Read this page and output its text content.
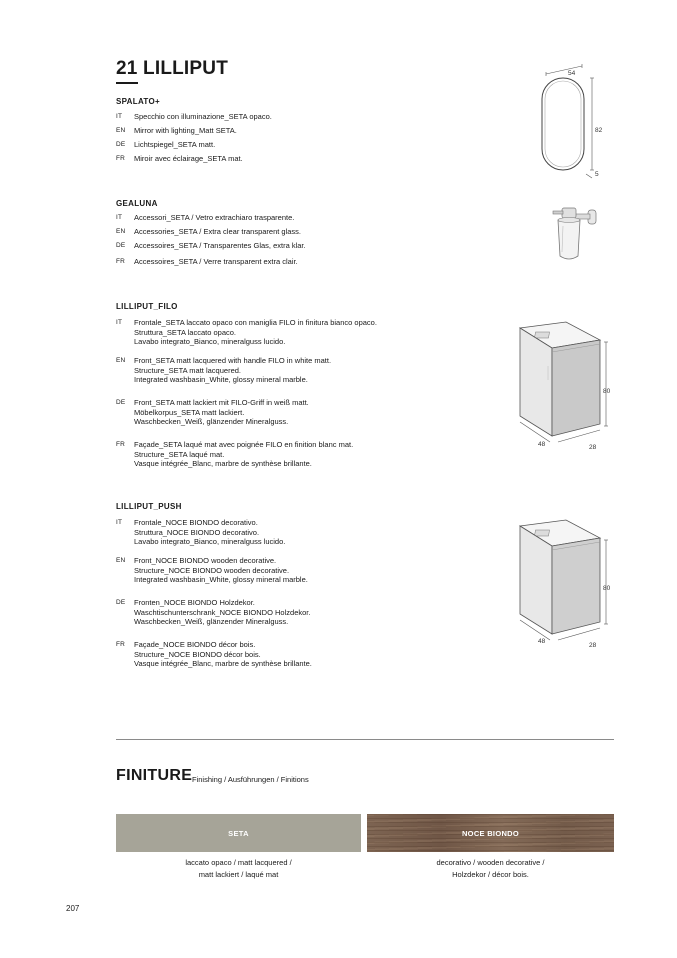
21 LILLIPUT
SPALATO+
IT	Specchio con illuminazione_SETA opaco.
EN	Mirror with lighting_Matt SETA.
DE	Lichtspiegel_SETA matt.
FR	Miroir avec éclairage_SETA mat.
GEALUNA
IT	Accessori_SETA / Vetro extrachiaro trasparente.
EN	Accessories_SETA / Extra clear transparent glass.
DE	Accessoires_SETA / Transparentes Glas, extra klar.
FR	Accessoires_SETA / Verre transparent extra clair.
LILLIPUT_FILO
IT	Frontale_SETA laccato opaco con maniglia FILO in finitura bianco opaco.
Struttura_SETA laccato opaco.
Lavabo integrato_Bianco, mineralguss lucido.
EN	Front_SETA matt lacquered with handle FILO in white matt.
Structure_SETA matt lacquered.
Integrated washbasin_White, glossy mineral marble.
DE	Front_SETA matt lackiert mit FILO-Griff in weiß matt.
Möbelkorpus_SETA matt lackiert.
Waschbecken_Weiß, glänzender Mineralguss.
FR	Façade_SETA laqué mat avec poignée FILO en finition blanc mat.
Structure_SETA laqué mat.
Vasque intégrée_Blanc, marbre de synthèse brillante.
LILLIPUT_PUSH
IT	Frontale_NOCE BIONDO decorativo.
Struttura_NOCE BIONDO decorativo.
Lavabo integrato_Bianco, mineralguss lucido.
EN	Front_NOCE BIONDO wooden decorative.
Structure_NOCE BIONDO wooden decorative.
Integrated washbasin_White, glossy mineral marble.
DE	Fronten_NOCE BIONDO Holzdekor.
Waschtischunterschrank_NOCE BIONDO Holzdekor.
Waschbecken_Weiß, glänzender Mineralguss.
FR	Façade_NOCE BIONDO décor bois.
Structure_NOCE BIONDO décor bois.
Vasque intégrée_Blanc, marbre de synthèse brillante.
54
82
5
80
48	28
80
48
28
FINITURE Finishing / Ausführungen / Finitions
SETA	NOCE BIONDO
laccato opaco / matt lacquered /
matt lackiert / laqué mat
decorativo / wooden decorative /
Holzdekor / décor bois.
207
